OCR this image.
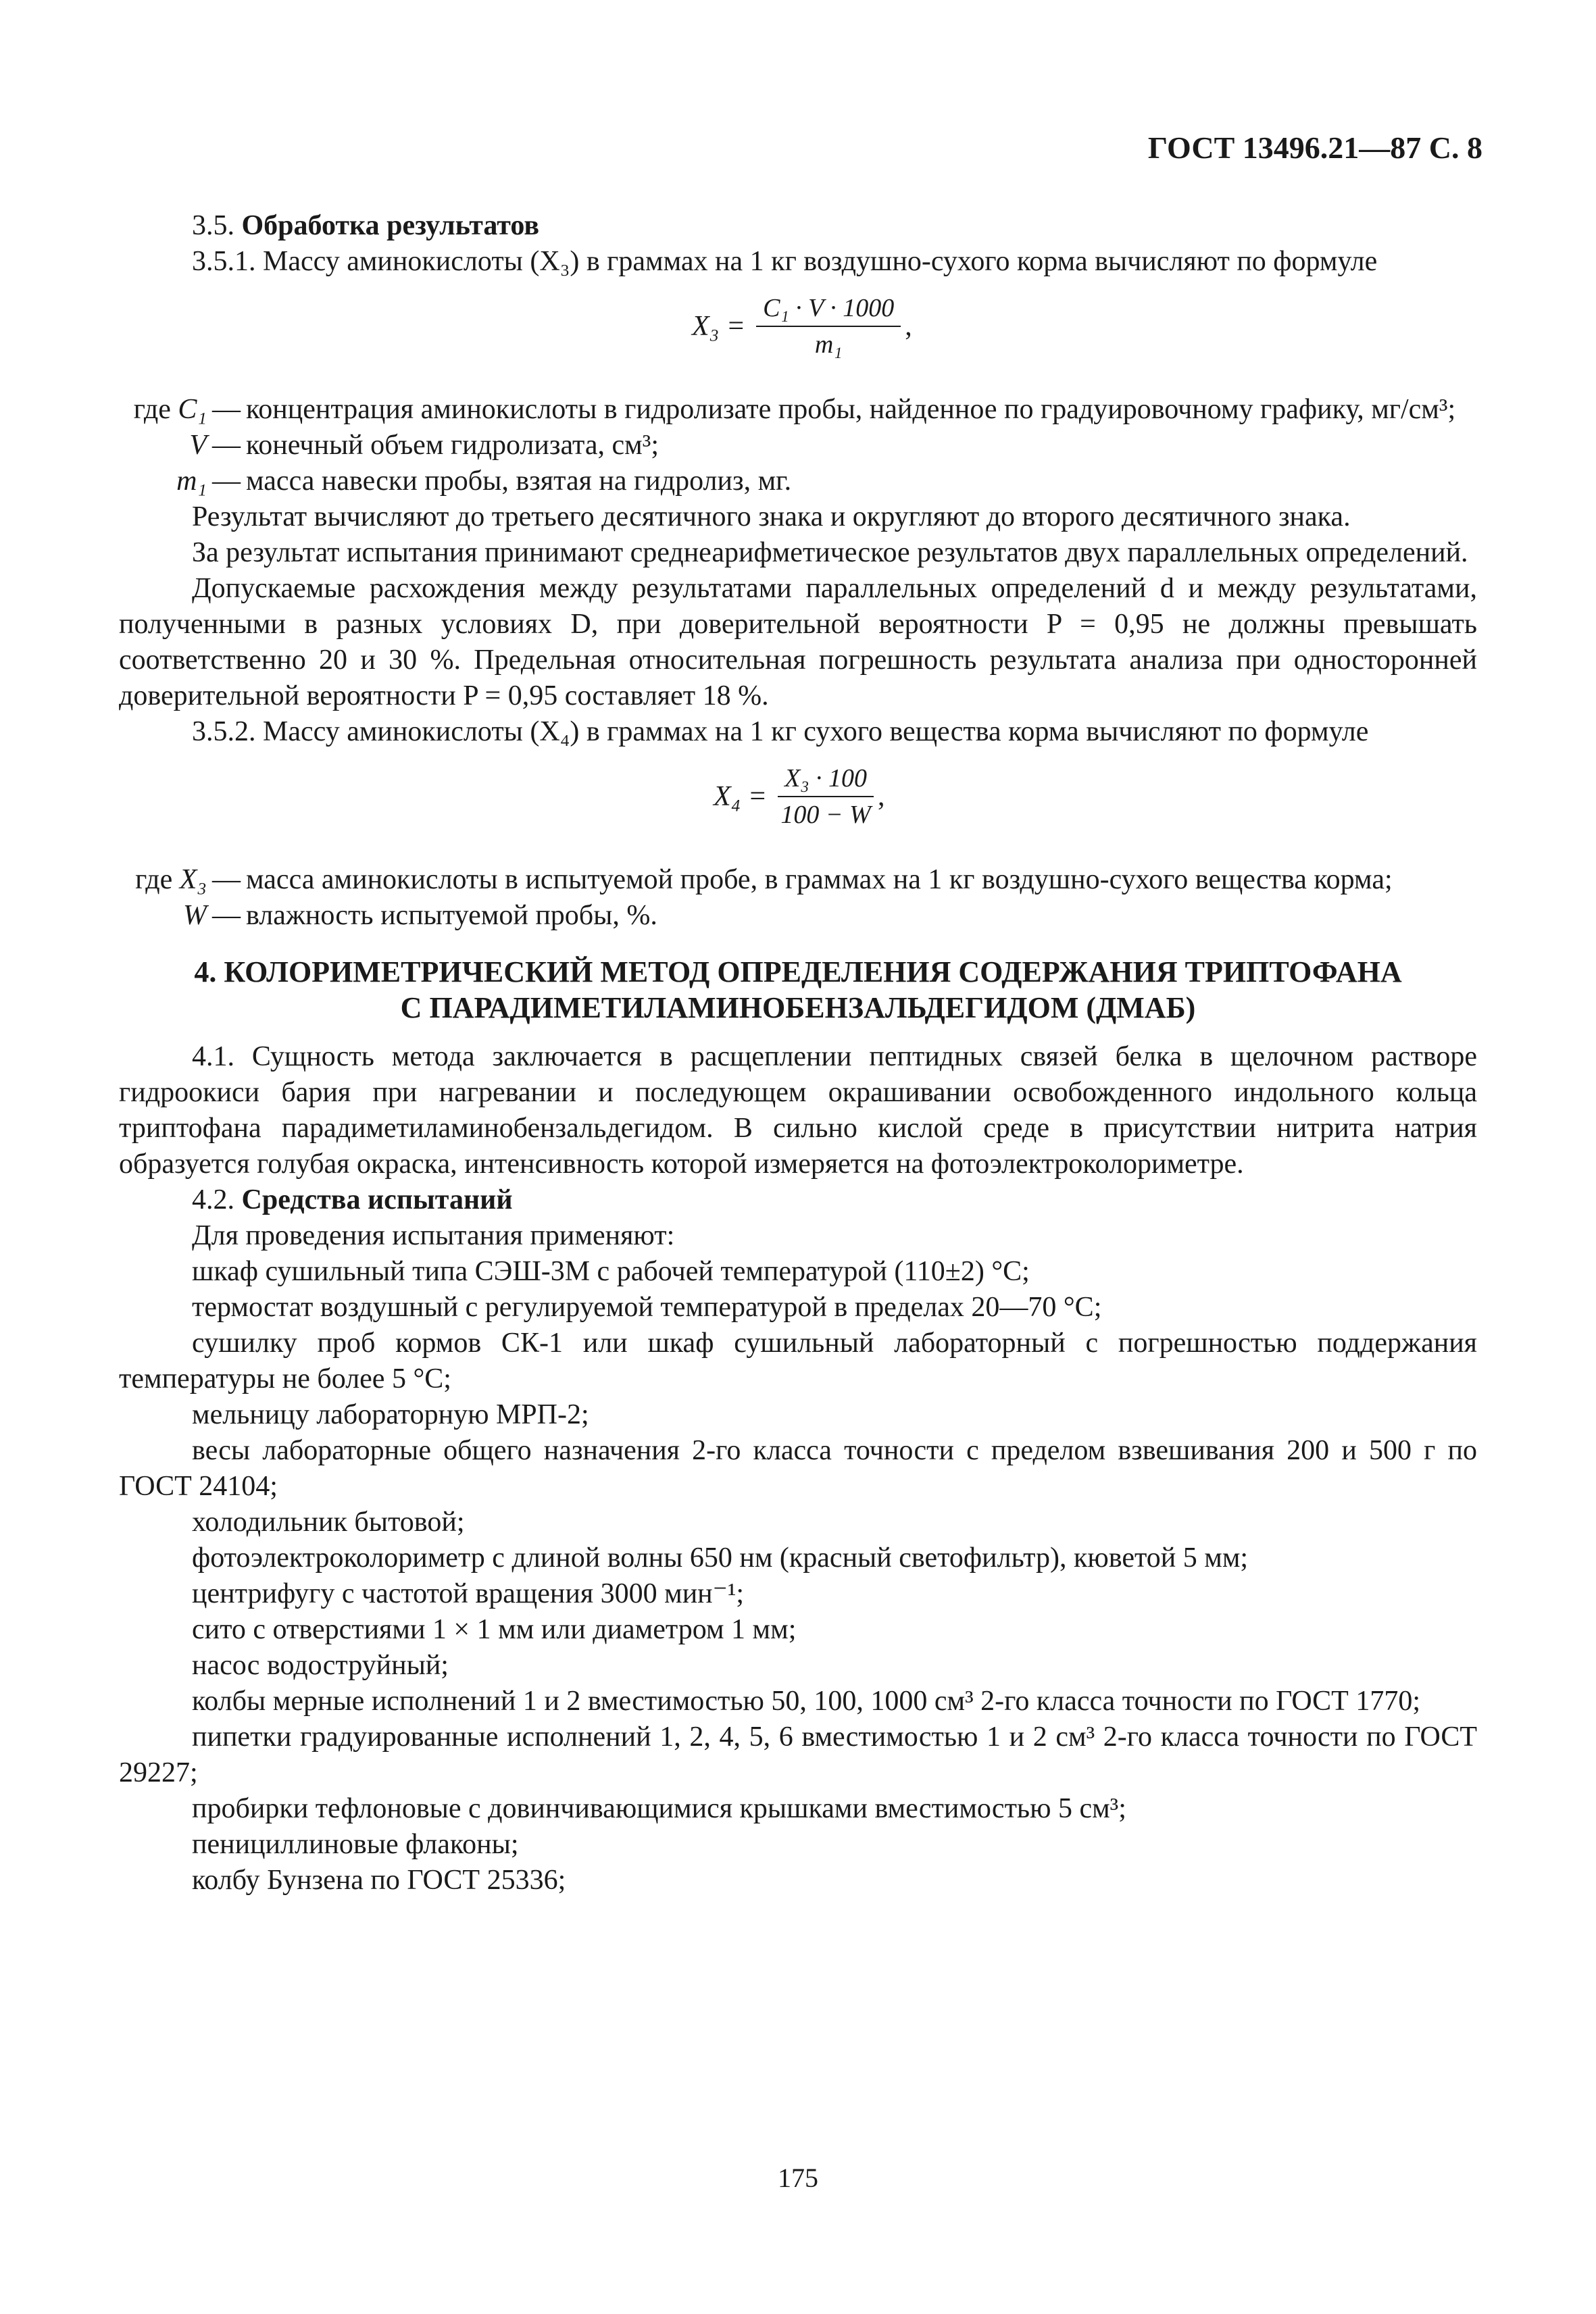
ГОСТ 13496.21—87 С. 8

3.5. Обработка результатов

3.5.1. Массу аминокислоты (X₃) в граммах на 1 кг воздушно-сухого корма вычисляют по формуле

$X_3 = \frac{\text{C₁ · V · 1000}}{\text{m₁}}$ ,
где C₁ — концентрация аминокислоты в гидролизате пробы, найденное по градуировочному графику, мг/см³;
V — конечный объем гидролизата, см³;
m₁ — масса навески пробы, взятая на гидролиз, мг.

Результат вычисляют до третьего десятичного знака и округляют до второго десятичного знака.

За результат испытания принимают среднеарифметическое результатов двух параллельных определений.

Допускаемые расхождения между результатами параллельных определений d и между результатами, полученными в разных условиях D, при доверительной вероятности P = 0,95 не должны превышать соответственно 20 и 30 %. Предельная относительная погрешность результата анализа при односторонней доверительной вероятности P = 0,95 составляет 18 %.

3.5.2. Массу аминокислоты (X₄) в граммах на 1 кг сухого вещества корма вычисляют по формуле

$X_4 = \frac{\text{X₃ · 100}}{100 - W}$ ,
где X₃ — масса аминокислоты в испытуемой пробе, в граммах на 1 кг воздушно-сухого вещества корма;
W — влажность испытуемой пробы, %.
4. КОЛОРИМЕТРИЧЕСКИЙ МЕТОД ОПРЕДЕЛЕНИЯ СОДЕРЖАНИЯ ТРИПТОФАНА
С ПАРАДИМЕТИЛАМИНОБЕНЗАЛЬДЕГИДОМ (ДМАБ)

4.1. Сущность метода заключается в расщеплении пептидных связей белка в щелочном растворе гидроокиси бария при нагревании и последующем окрашивании освобожденного индольного кольца триптофана парадиметиламинобензальдегидом. В сильно кислой среде в присутствии нитрита натрия образуется голубая окраска, интенсивность которой измеряется на фотоэлектроколориметре.

4.2. Средства испытаний

Для проведения испытания применяют:

шкаф сушильный типа СЭШ-3М с рабочей температурой (110±2) °С;

термостат воздушный с регулируемой температурой в пределах 20—70 °С;

сушилку проб кормов СК-1 или шкаф сушильный лабораторный с погрешностью поддержания температуры не более 5 °С;

мельницу лабораторную МРП-2;

весы лабораторные общего назначения 2-го класса точности с пределом взвешивания 200 и 500 г по ГОСТ 24104;

холодильник бытовой;

фотоэлектроколориметр с длиной волны 650 нм (красный светофильтр), кюветой 5 мм;

центрифугу с частотой вращения 3000 мин⁻¹;

сито с отверстиями 1 × 1 мм или диаметром 1 мм;

насос водоструйный;

колбы мерные исполнений 1 и 2 вместимостью 50, 100, 1000 см³ 2-го класса точности по ГОСТ 1770;

пипетки градуированные исполнений 1, 2, 4, 5, 6 вместимостью 1 и 2 см³ 2-го класса точности по ГОСТ 29227;

пробирки тефлоновые с довинчивающимися крышками вместимостью 5 см³;

пенициллиновые флаконы;

колбу Бунзена по ГОСТ 25336;

175
